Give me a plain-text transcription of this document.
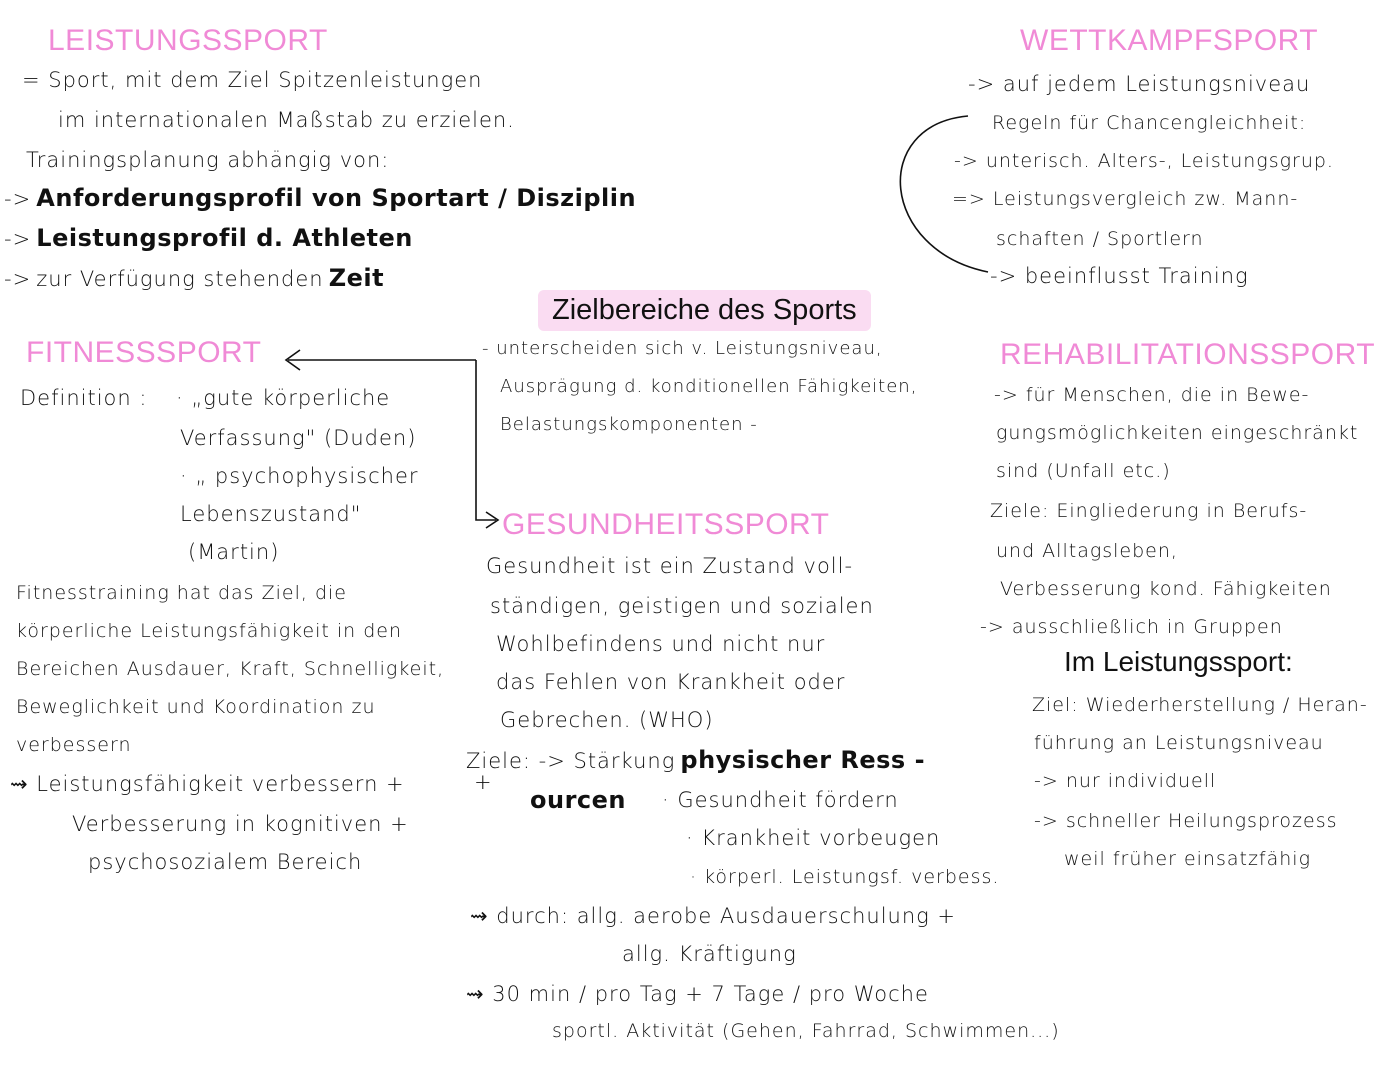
LEISTUNGSSPORT
= Sport, mit dem Ziel Spitzenleistungen
im internationalen Maßstab zu erzielen.
Trainingsplanung abhängig von:
-> Anforderungsprofil von Sportart / Disziplin
-> Leistungsprofil d. Athleten
-> zur Verfügung stehenden Zeit
WETTKAMPFSPORT
-> auf jedem Leistungsniveau
Regeln für Chancengleichheit:
-> unterisch. Alters-, Leistungsgrup.
=> Leistungsvergleich zw. Mann-
schaften / Sportlern
-> beeinflusst Training
Zielbereiche des Sports
- unterscheiden sich v. Leistungsniveau,
Ausprägung d. konditionellen Fähigkeiten,
Belastungskomponenten -
FITNESSSPORT
Definition : · „gute körperliche
Verfassung" (Duden)
· „ psychophysischer
Lebenszustand"
(Martin)
Fitnesstraining hat das Ziel, die
körperliche Leistungsfähigkeit in den
Bereichen Ausdauer, Kraft, Schnelligkeit,
Beweglichkeit und Koordination zu
verbessern
⇝ Leistungsfähigkeit verbessern +
Verbesserung in kognitiven +
psychosozialem Bereich
REHABILITATIONSSPORT
-> für Menschen, die in Bewe-
gungsmöglichkeiten eingeschränkt
sind (Unfall etc.)
Ziele: Eingliederung in Berufs-
und Alltagsleben,
Verbesserung kond. Fähigkeiten
-> ausschließlich in Gruppen
Im Leistungssport:
Ziel: Wiederherstellung / Heran-
führung an Leistungsniveau
-> nur individuell
-> schneller Heilungsprozess
weil früher einsatzfähig
GESUNDHEITSSPORT
Gesundheit ist ein Zustand voll-
ständigen, geistigen und sozialen
Wohlbefindens und nicht nur
das Fehlen von Krankheit oder
Gebrechen. (WHO)
Ziele: -> Stärkung physischer Ress -
+
ourcen · Gesundheit fördern
· Krankheit vorbeugen
· körperl. Leistungsf. verbess.
⇝ durch: allg. aerobe Ausdauerschulung +
allg. Kräftigung
⇝ 30 min / pro Tag + 7 Tage / pro Woche
sportl. Aktivität (Gehen, Fahrrad, Schwimmen...)
